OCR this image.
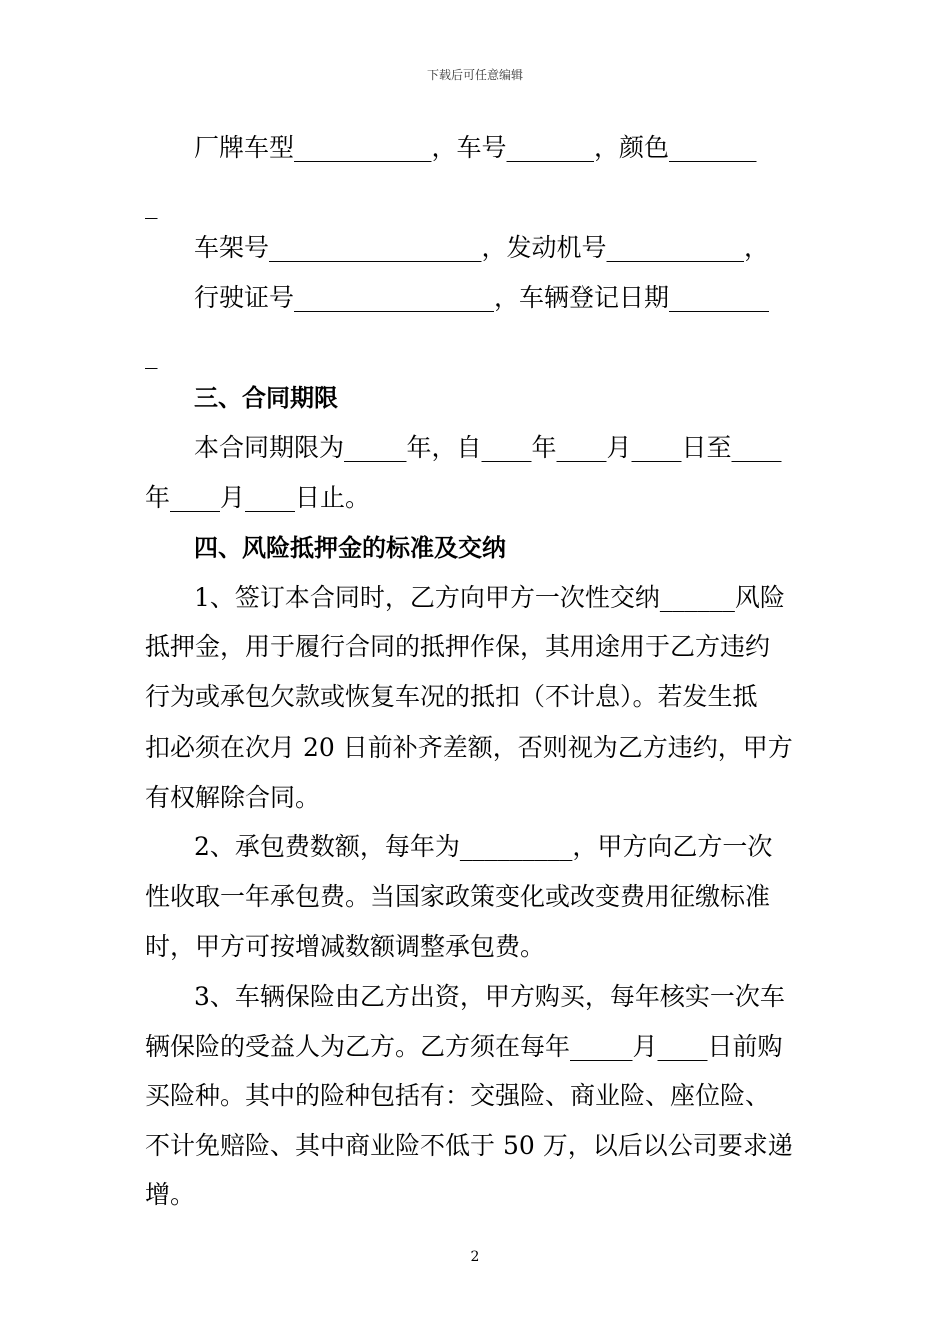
下载后可任意编辑
厂牌车型___________，车号_______，颜色_______
_
车架号_________________，发动机号___________，
行驶证号________________，车辆登记日期________
_
三、合同期限
本合同期限为_____年，自____年____月____日至____
年____月____日止。
四、风险抵押金的标准及交纳
1、签订本合同时，乙方向甲方一次性交纳______风险
抵押金，用于履行合同的抵押作保，其用途用于乙方违约
行为或承包欠款或恢复车况的抵扣（不计息）。若发生抵
扣必须在次月 20 日前补齐差额，否则视为乙方违约，甲方
有权解除合同。
2、承包费数额，每年为_________，甲方向乙方一次
性收取一年承包费。当国家政策变化或改变费用征缴标准
时，甲方可按增减数额调整承包费。
3、车辆保险由乙方出资，甲方购买，每年核实一次车
辆保险的受益人为乙方。乙方须在每年_____月____日前购
买险种。其中的险种包括有：交强险、商业险、座位险、
不计免赔险、其中商业险不低于 50 万，以后以公司要求递
增。
2
